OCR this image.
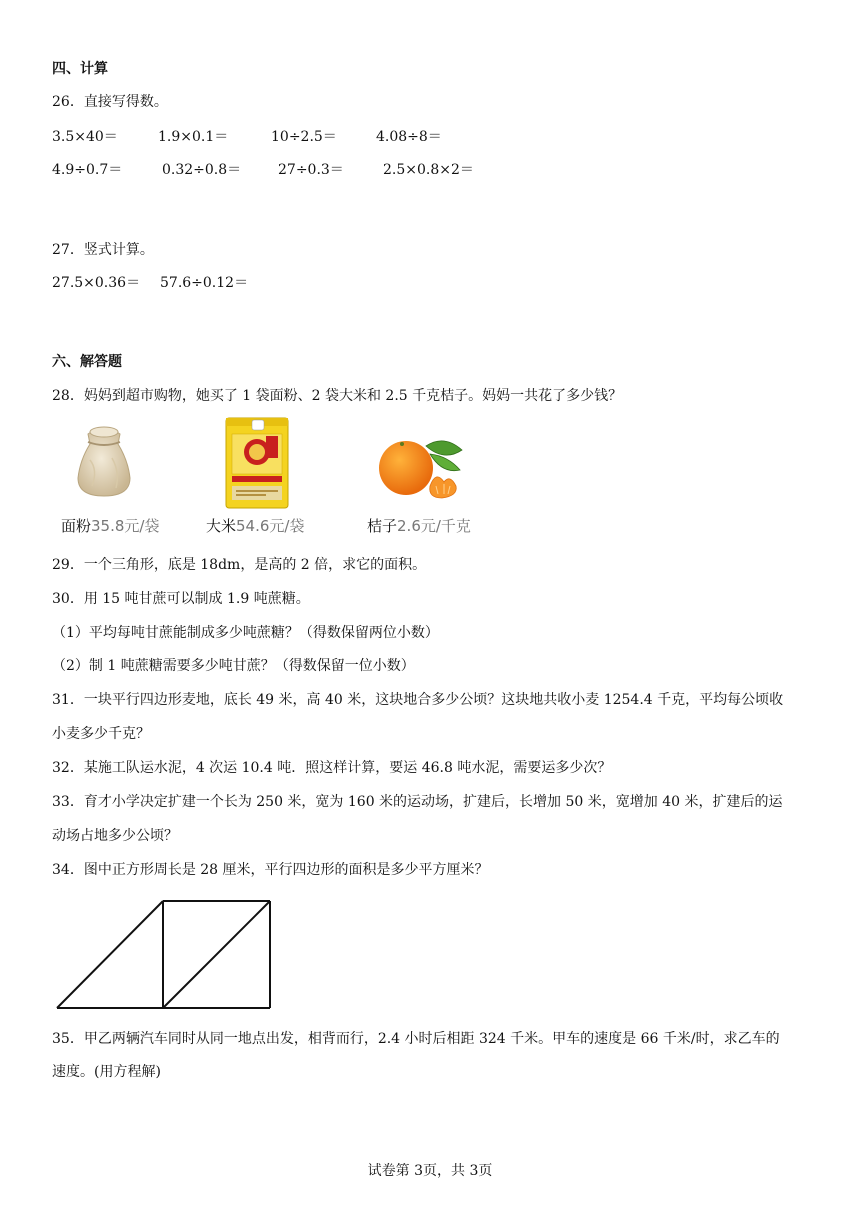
四、计算
26．直接写得数。
3.5×40＝	1.9×0.1＝	10÷2.5＝	4.08÷8＝
4.9÷0.7＝	0.32÷0.8＝	27÷0.3＝	2.5×0.8×2＝
27．竖式计算。
27.5×0.36＝ 57.6÷0.12＝
六、解答题
28．妈妈到超市购物，她买了 1 袋面粉、2 袋大米和 2.5 千克桔子。妈妈一共花了多少钱？
面粉35.8元/袋	大米54.6元/袋	桔子2.6元/千克
29．一个三角形，底是 18dm，是高的 2 倍，求它的面积。
30．用 15 吨甘蔗可以制成 1.9 吨蔗糖。
（1）平均每吨甘蔗能制成多少吨蔗糖？（得数保留两位小数）
（2）制 1 吨蔗糖需要多少吨甘蔗？（得数保留一位小数）
31．一块平行四边形麦地，底长 49 米，高 40 米，这块地合多少公顷？这块地共收小麦 1254.4 千克，平均每公顷收
小麦多少千克？
32．某施工队运水泥，4 次运 10.4 吨．照这样计算，要运 46.8 吨水泥，需要运多少次？
33．育才小学决定扩建一个长为 250 米，宽为 160 米的运动场，扩建后，长增加 50 米，宽增加 40 米，扩建后的运
动场占地多少公顷？
34．图中正方形周长是 28 厘米，平行四边形的面积是多少平方厘米？
35．甲乙两辆汽车同时从同一地点出发，相背而行，2.4 小时后相距 324 千米。甲车的速度是 66 千米/时，求乙车的
速度。(用方程解)
试卷第 3页，共 3页
